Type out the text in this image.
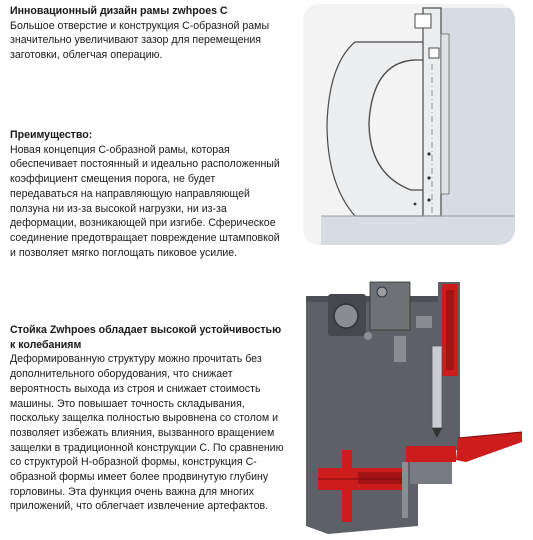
Инновационный дизайн рамы zwhpoes C

Большое отверстие и конструкция С-образной рамы значительно увеличивают зазор для перемещения заготовки, облегчая операцию.

Преимущество:

Новая концепция С-образной рамы, которая обеспечивает постоянный и идеально расположенный коэффициент смещения порога, не будет передаваться на направляющую направляющей ползуна ни из-за высокой нагрузки, ни из-за деформации, возникающей при изгибе. Сферическое соединение предотвращает повреждение штамповкой и позволяет мягко поглощать пиковое усилие.

Стойка Zwhpoes обладает высокой устойчивостью к колебаниям

Деформированную структуру можно прочитать без дополнительного оборудования, что снижает вероятность выхода из строя и снижает стоимость машины. Это повышает точность складывания, поскольку защелка полностью выровнена со столом и позволяет избежать влияния, вызванного вращением защелки в традиционной конструкции С. По сравнению со структурой Н-образной формы, конструкция С-образной формы имеет более продвинутую глубину горловины. Эта функция очень важна для многих приложений, что облегчает извлечение артефактов.	Avito
